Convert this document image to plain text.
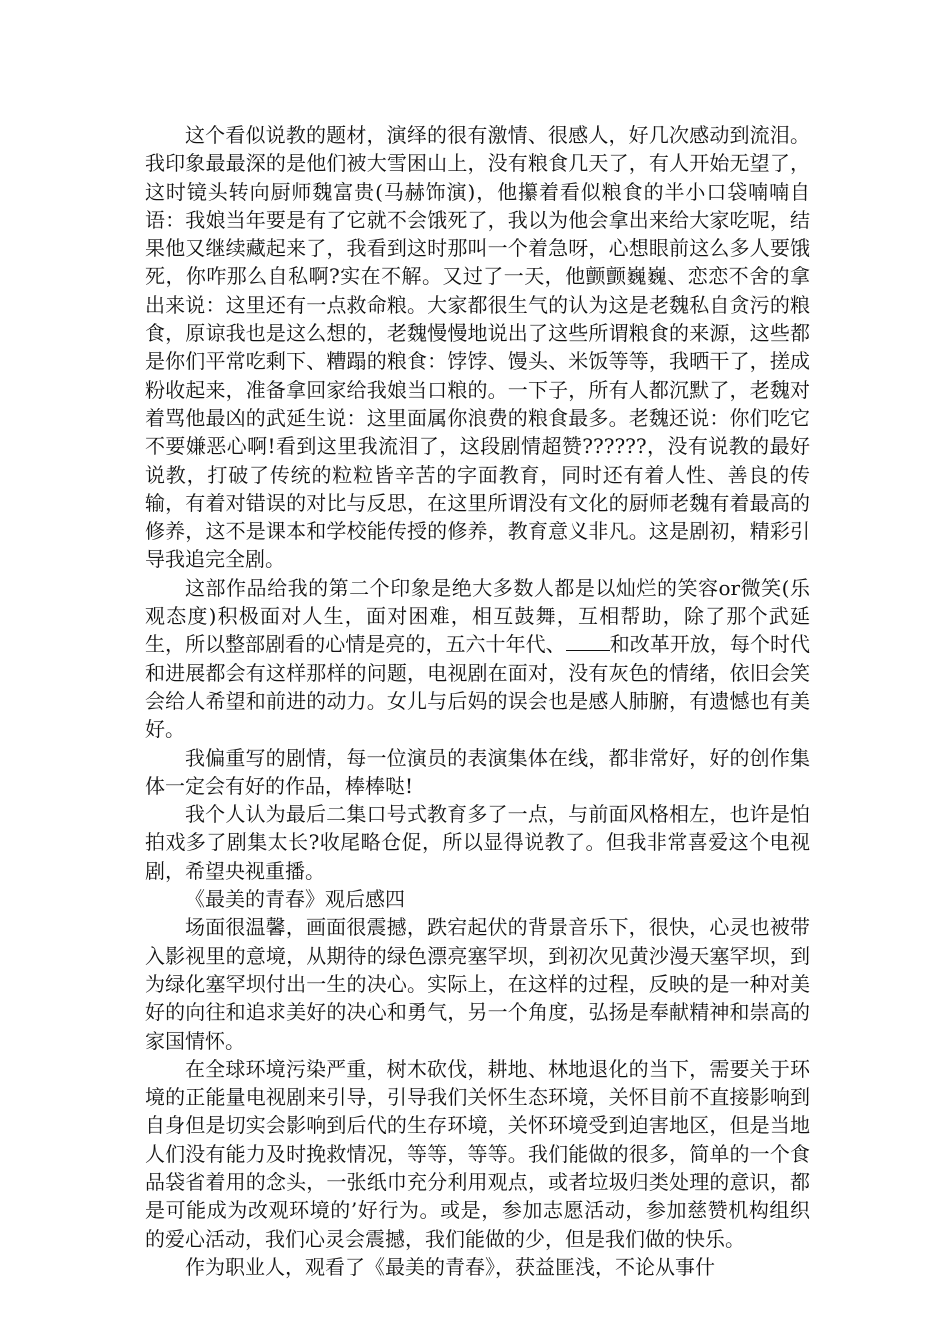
这个看似说教的题材，演绎的很有激情、很感人，好几次感动到流泪。我印象最最深的是他们被大雪困山上，没有粮食几天了，有人开始无望了，这时镜头转向厨师魏富贵(马赫饰演)，他攥着看似粮食的半小口袋喃喃自语：我娘当年要是有了它就不会饿死了，我以为他会拿出来给大家吃呢，结果他又继续藏起来了，我看到这时那叫一个着急呀，心想眼前这么多人要饿死，你咋那么自私啊?实在不解。又过了一天，他颤颤巍巍、恋恋不舍的拿出来说：这里还有一点救命粮。大家都很生气的认为这是老魏私自贪污的粮食，原谅我也是这么想的，老魏慢慢地说出了这些所谓粮食的来源，这些都是你们平常吃剩下、糟蹋的粮食：饽饽、馒头、米饭等等，我晒干了，搓成粉收起来，准备拿回家给我娘当口粮的。一下子，所有人都沉默了，老魏对着骂他最凶的武延生说：这里面属你浪费的粮食最多。老魏还说：你们吃它不要嫌恶心啊!看到这里我流泪了，这段剧情超赞??????，没有说教的最好说教，打破了传统的粒粒皆辛苦的字面教育，同时还有着人性、善良的传输，有着对错误的对比与反思，在这里所谓没有文化的厨师老魏有着最高的修养，这不是课本和学校能传授的修养，教育意义非凡。这是剧初，精彩引导我追完全剧。

这部作品给我的第二个印象是绝大多数人都是以灿烂的笑容or微笑(乐观态度)积极面对人生，面对困难，相互鼓舞，互相帮助，除了那个武延生，所以整部剧看的心情是亮的，五六十年代、 和改革开放，每个时代和进展都会有这样那样的问题，电视剧在面对，没有灰色的情绪，依旧会笑会给人希望和前进的动力。女儿与后妈的误会也是感人肺腑，有遗憾也有美好。

我偏重写的剧情，每一位演员的表演集体在线，都非常好，好的创作集体一定会有好的作品，棒棒哒!

我个人认为最后二集口号式教育多了一点，与前面风格相左，也许是怕拍戏多了剧集太长?收尾略仓促，所以显得说教了。但我非常喜爱这个电视剧，希望央视重播。

《最美的青春》观后感四

场面很温馨，画面很震撼，跌宕起伏的背景音乐下，很快，心灵也被带入影视里的意境，从期待的绿色漂亮塞罕坝，到初次见黄沙漫天塞罕坝，到为绿化塞罕坝付出一生的决心。实际上，在这样的过程，反映的是一种对美好的向往和追求美好的决心和勇气，另一个角度，弘扬是奉献精神和崇高的家国情怀。

在全球环境污染严重，树木砍伐，耕地、林地退化的当下，需要关于环境的正能量电视剧来引导，引导我们关怀生态环境，关怀目前不直接影响到自身但是切实会影响到后代的生存环境，关怀环境受到迫害地区，但是当地人们没有能力及时挽救情况，等等，等等。我们能做的很多，简单的一个食品袋省着用的念头，一张纸巾充分利用观点，或者垃圾归类处理的意识，都是可能成为改观环境的’好行为。或是，参加志愿活动，参加慈赞机构组织的爱心活动，我们心灵会震撼，我们能做的少，但是我们做的快乐。

作为职业人，观看了《最美的青春》，获益匪浅，不论从事什
